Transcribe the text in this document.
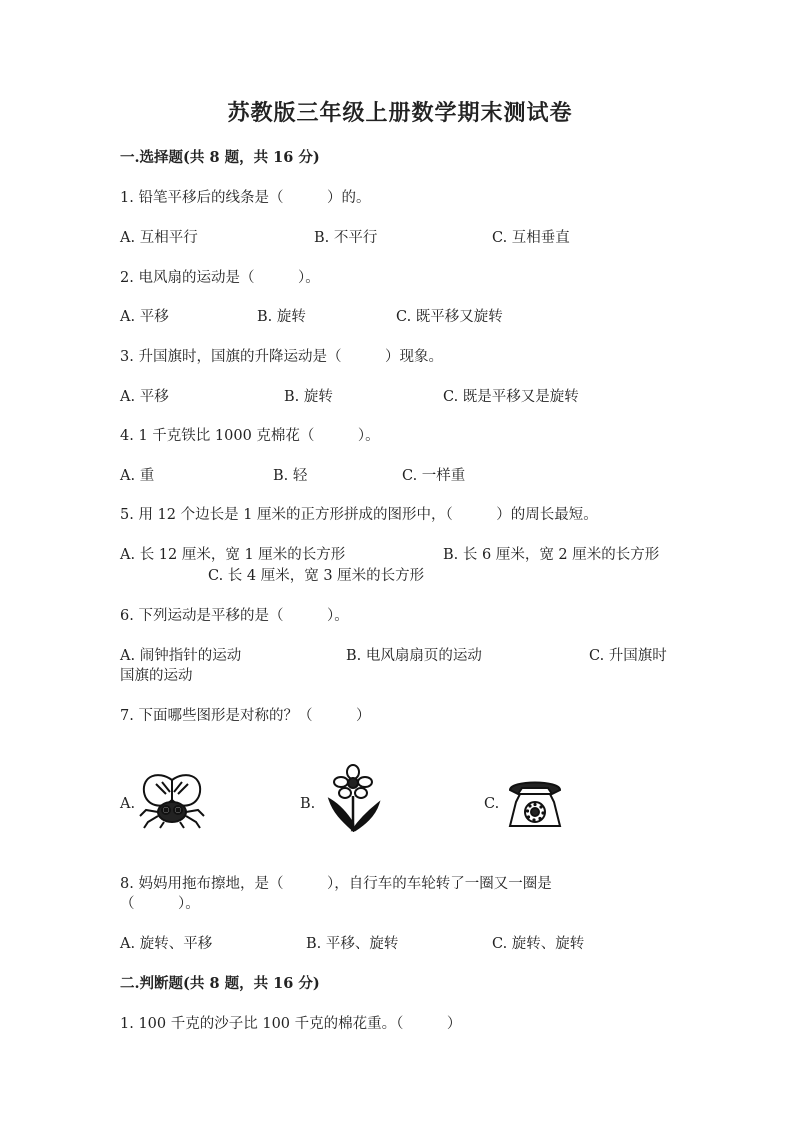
苏教版三年级上册数学期末测试卷
一.选择题(共 8 题，共 16 分)
1. 铅笔平移后的线条是（　　　）的。
A. 互相平行	B. 不平行	C. 互相垂直
2. 电风扇的运动是（　　　）。
A. 平移	B. 旋转	C. 既平移又旋转
3. 升国旗时，国旗的升降运动是（　　　）现象。
A. 平移	B. 旋转	C. 既是平移又是旋转
4. 1 千克铁比 1000 克棉花（　　　）。
A. 重	B. 轻	C. 一样重
5. 用 12 个边长是 1 厘米的正方形拼成的图形中，（　　　）的周长最短。
A. 长 12 厘米，宽 1 厘米的长方形	B. 长 6 厘米，宽 2 厘米的长方形
C. 长 4 厘米，宽 3 厘米的长方形
6. 下列运动是平移的是（　　　）。
A. 闹钟指针的运动	B. 电风扇扇页的运动	C. 升国旗时
国旗的运动
7. 下面哪些图形是对称的？（　　　）
A.	B.	C.
8. 妈妈用拖布擦地，是（　　　），自行车的车轮转了一圈又一圈是
（　　　）。
A. 旋转、平移	B. 平移、旋转	C. 旋转、旋转
二.判断题(共 8 题，共 16 分)
1. 100 千克的沙子比 100 千克的棉花重。（　　　）
